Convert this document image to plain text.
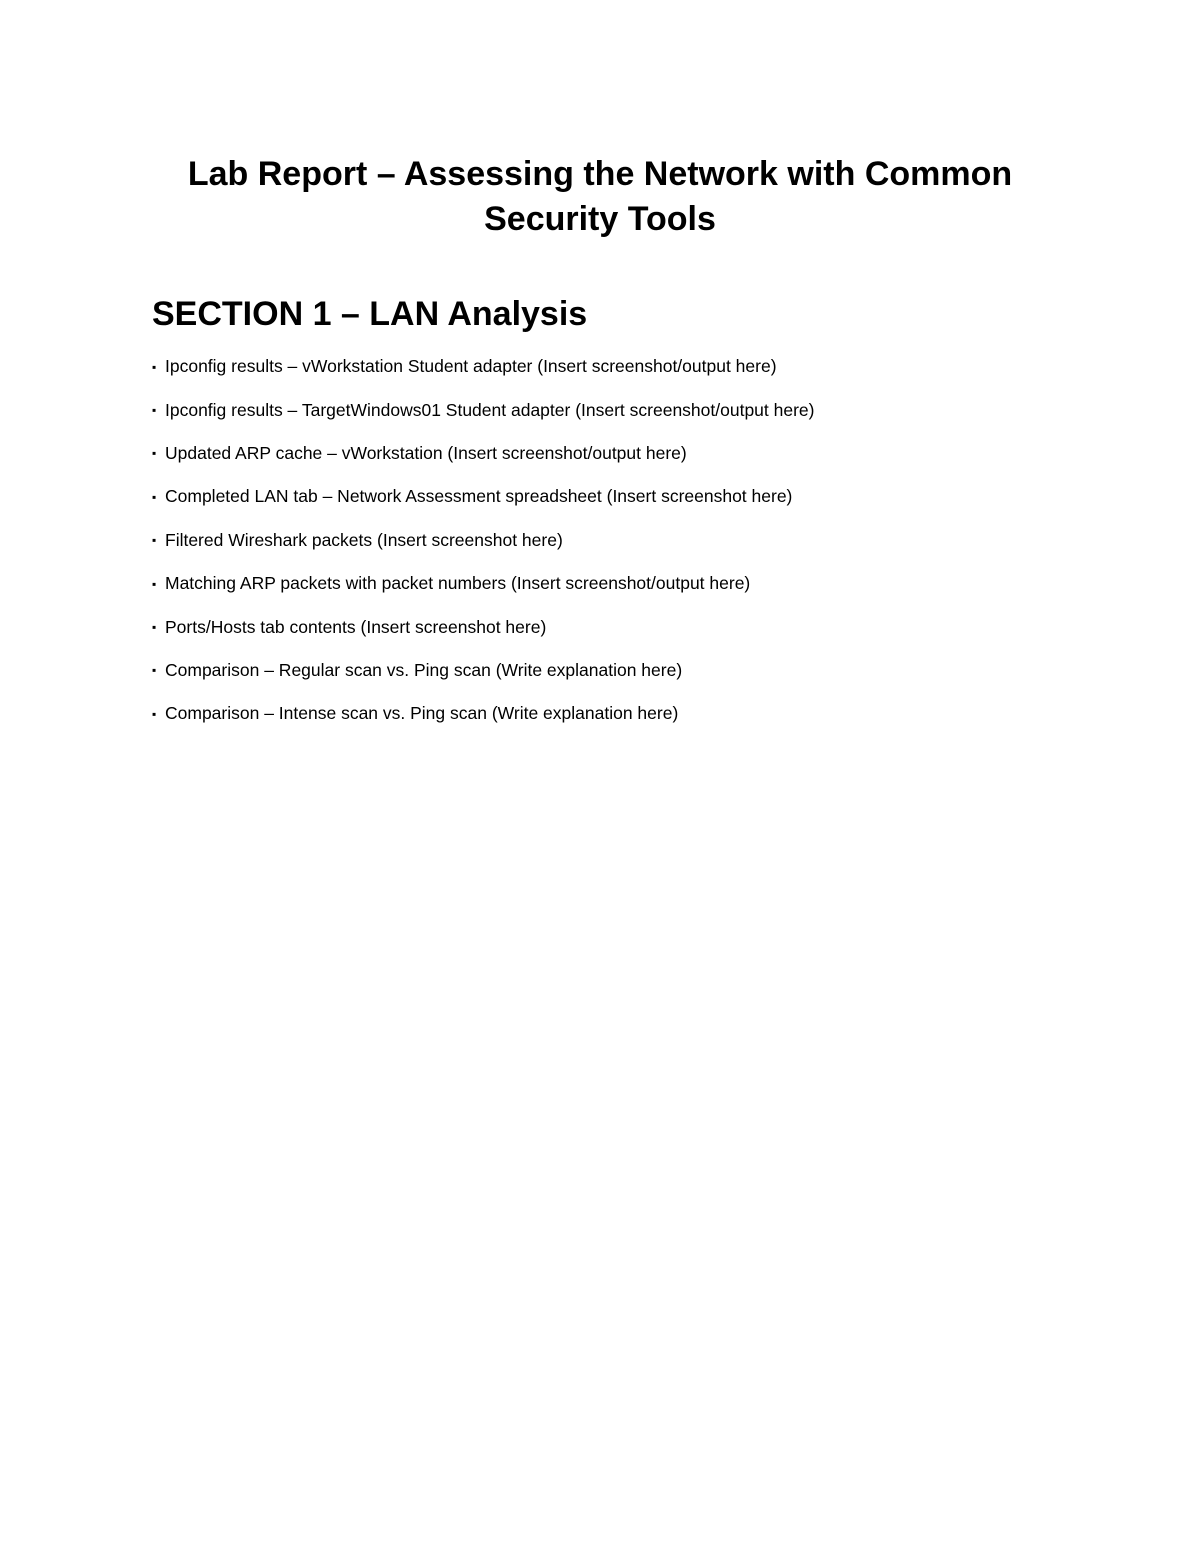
Lab Report – Assessing the Network with Common Security Tools
SECTION 1 – LAN Analysis
▪ Ipconfig results – vWorkstation Student adapter (Insert screenshot/output here)
▪ Ipconfig results – TargetWindows01 Student adapter (Insert screenshot/output here)
▪ Updated ARP cache – vWorkstation (Insert screenshot/output here)
▪ Completed LAN tab – Network Assessment spreadsheet (Insert screenshot here)
▪ Filtered Wireshark packets (Insert screenshot here)
▪ Matching ARP packets with packet numbers (Insert screenshot/output here)
▪ Ports/Hosts tab contents (Insert screenshot here)
▪ Comparison – Regular scan vs. Ping scan (Write explanation here)
▪ Comparison – Intense scan vs. Ping scan (Write explanation here)
